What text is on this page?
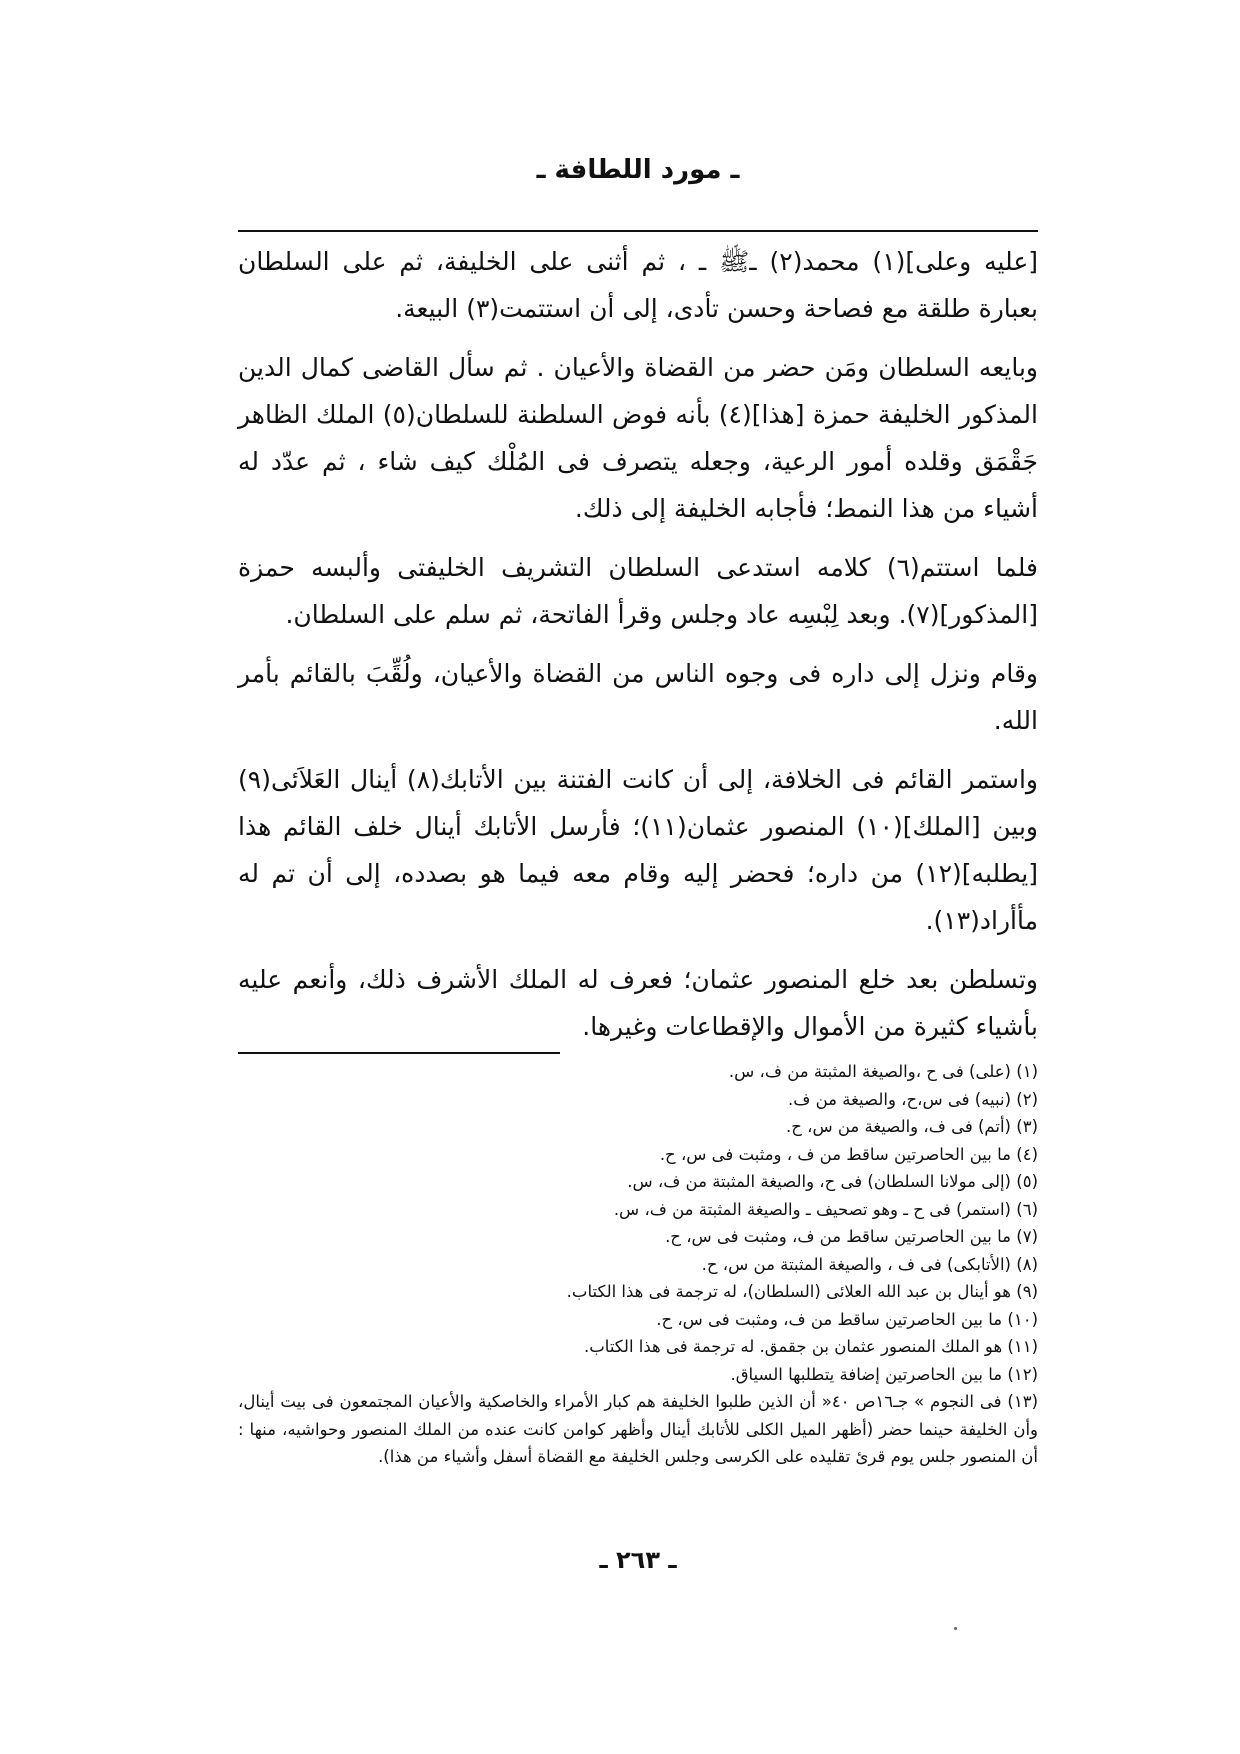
ـ مورد اللطافة ـ

[عليه وعلى](١) محمد(٢) ـﷺ ـ ، ثم أثنى على الخليفة، ثم على السلطان بعبارة طلقة مع فصاحة وحسن تأدى، إلى أن استتمت(٣) البيعة.

وبايعه السلطان ومَن حضر من القضاة والأعيان . ثم سأل القاضى كمال الدين المذكور الخليفة حمزة [هذا](٤) بأنه فوض السلطنة للسلطان(٥) الملك الظاهر جَقْمَق وقلده أمور الرعية، وجعله يتصرف فى المُلْك كيف شاء ، ثم عدّد له أشياء من هذا النمط؛ فأجابه الخليفة إلى ذلك.

فلما استتم(٦) كلامه استدعى السلطان التشريف الخليفتى وألبسه حمزة [المذكور](٧). وبعد لِبْسِه عاد وجلس وقرأ الفاتحة، ثم سلم على السلطان.

وقام ونزل إلى داره فى وجوه الناس من القضاة والأعيان، ولُقِّبَ بالقائم بأمر الله.

واستمر القائم فى الخلافة، إلى أن كانت الفتنة بين الأتابك(٨) أينال العَلاَئى(٩) وبين [الملك](١٠) المنصور عثمان(١١)؛ فأرسل الأتابك أينال خلف القائم هذا [يطلبه](١٢) من داره؛ فحضر إليه وقام معه فيما هو بصدده، إلى أن تم له مأأراد(١٣).

وتسلطن بعد خلع المنصور عثمان؛ فعرف له الملك الأشرف ذلك، وأنعم عليه بأشياء كثيرة من الأموال والإقطاعات وغيرها.

(١) (على) فى ح ،والصيغة المثبتة من ف، س.
(٢) (نبيه) فى س،ح، والصيغة من ف.
(٣) (أتم) فى ف، والصيغة من س، ح.
(٤) ما بين الحاصرتين ساقط من ف ، ومثبت فى س، ح.
(٥) (إلى مولانا السلطان) فى ح، والصيغة المثبتة من ف، س.
(٦) (استمر) فى ح ـ وهو تصحيف ـ والصيغة المثبتة من ف، س.
(٧) ما بين الحاصرتين ساقط من ف، ومثبت فى س، ح.
(٨) (الأتابكى) فى ف ، والصيغة المثبتة من س، ح.
(٩) هو أينال بن عبد الله العلائى (السلطان)، له ترجمة فى هذا الكتاب.
(١٠) ما بين الحاصرتين ساقط من ف، ومثبت فى س، ح.
(١١) هو الملك المنصور عثمان بن جقمق. له ترجمة فى هذا الكتاب.
(١٢) ما بين الحاصرتين إضافة يتطلبها السياق.
(١٣) فى النجوم » جـ١٦ص ٤٠« أن الذين طلبوا الخليفة هم كبار الأمراء والخاصكية والأعيان المجتمعون فى بيت أينال، وأن الخليفة حينما حضر (أظهر الميل الكلى للأتابك أينال وأظهر كوامن كانت عنده من الملك المنصور وحواشيه، منها : أن المنصور جلس يوم قرئ تقليده على الكرسى وجلس الخليفة مع القضاة أسفل وأشياء من هذا).
ـ ٢٦٣ ـ
